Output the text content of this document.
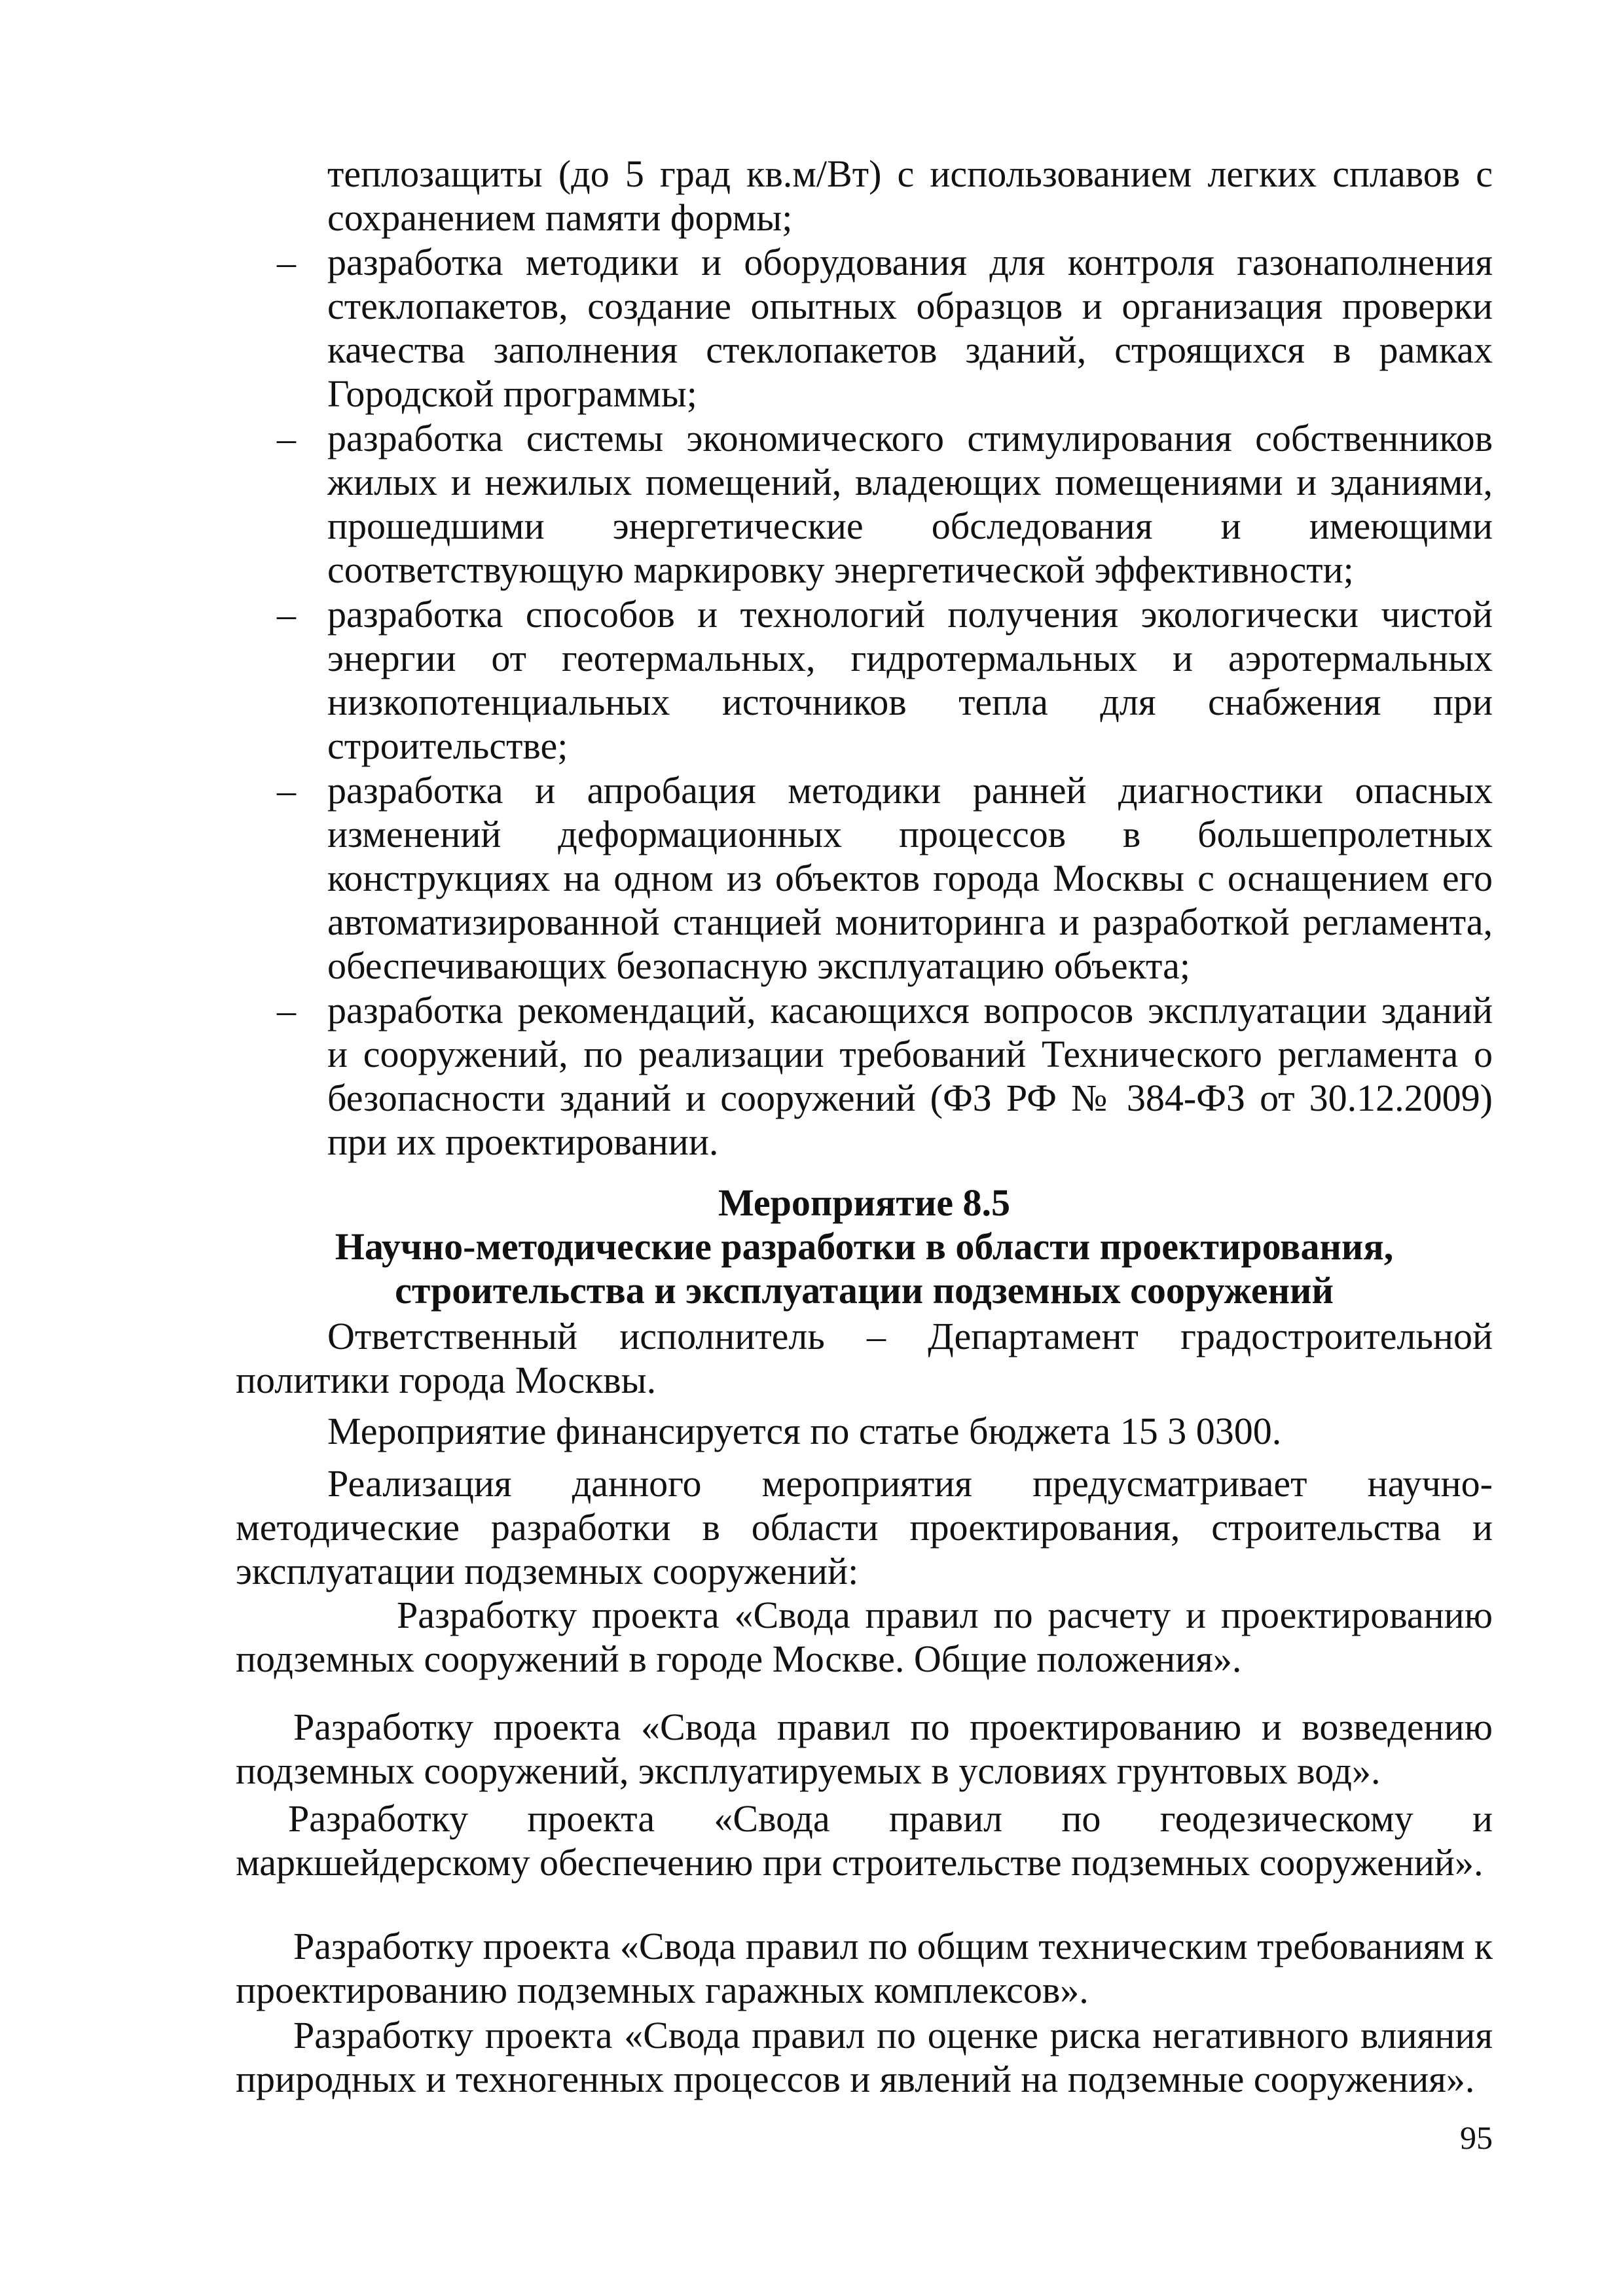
теплозащиты (до 5 град кв.м/Вт) с использованием легких сплавов с сохранением памяти формы;

– разработка методики и оборудования для контроля газонаполнения стеклопакетов, создание опытных образцов и организация проверки качества заполнения стеклопакетов зданий, строящихся в рамках Городской программы;
– разработка системы экономического стимулирования собственников жилых и нежилых помещений, владеющих помещениями и зданиями, прошедшими энергетические обследования и имеющими соответствующую маркировку энергетической эффективности;
– разработка способов и технологий получения экологически чистой энергии от геотермальных, гидротермальных и аэротермальных низкопотенциальных источников тепла для снабжения при строительстве;
– разработка и апробация методики ранней диагностики опасных изменений деформационных процессов в большепролетных конструкциях на одном из объектов города Москвы с оснащением его автоматизированной станцией мониторинга и разработкой регламента, обеспечивающих безопасную эксплуатацию объекта;
– разработка рекомендаций, касающихся вопросов эксплуатации зданий и сооружений, по реализации требований Технического регламента о безопасности зданий и сооружений (ФЗ РФ № 384-ФЗ от 30.12.2009) при их проектировании.
Мероприятие 8.5
Научно-методические разработки в области проектирования, строительства и эксплуатации подземных сооружений

Ответственный исполнитель – Департамент градостроительной политики города Москвы.

Мероприятие финансируется по статье бюджета 15 3 0300.

Реализация данного мероприятия предусматривает научно-методические разработки в области проектирования, строительства и эксплуатации подземных сооружений:

Разработку проекта «Свода правил по расчету и проектированию подземных сооружений в городе Москве. Общие положения».

Разработку проекта «Свода правил по проектированию и возведению подземных сооружений, эксплуатируемых в условиях грунтовых вод».

Разработку проекта «Свода правил по геодезическому и маркшейдерскому обеспечению при строительстве подземных сооружений».

Разработку проекта «Свода правил по общим техническим требованиям к проектированию подземных гаражных комплексов».

Разработку проекта «Свода правил по оценке риска негативного влияния природных и техногенных процессов и явлений на подземные сооружения».

95
